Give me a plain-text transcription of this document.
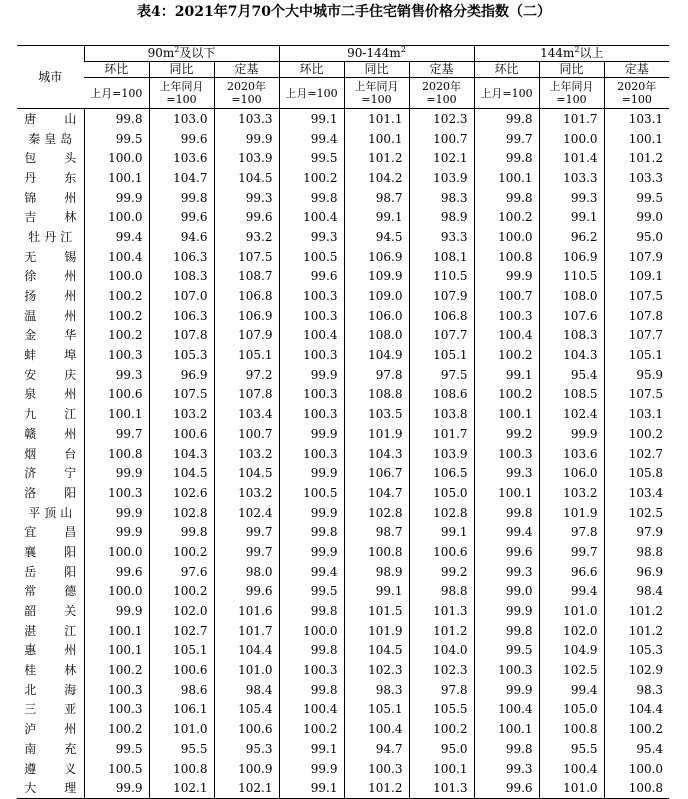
表4：2021年7月70个大中城市二手住宅销售价格分类指数（二）
城市	$90m^2$及以下			$90-144m^2$			$144m^2$以上		
	环比	同比	定基	环比	同比	定基	环比	同比	定基
	上月=100	上年同月=100	2020年=100	上月=100	上年同月=100	2020年=100	上月=100	上年同月=100	2020年=100
唐山	99.8	103.0	103.3	99.1	101.1	102.3	99.8	101.7	103.1
秦皇岛	99.5	99.6	99.9	99.4	100.1	100.7	99.7	100.0	100.1
包头	100.0	103.6	103.9	99.5	101.2	102.1	99.8	101.4	101.2
丹东	100.1	104.7	104.5	100.2	104.2	103.9	100.1	103.3	103.3
锦州	99.9	99.8	99.3	99.8	98.7	98.3	99.8	99.3	99.5
吉林	100.0	99.6	99.6	100.4	99.1	98.9	100.2	99.1	99.0
牡丹江	99.4	94.6	93.2	99.3	94.5	93.3	100.0	96.2	95.0
无锡	100.4	106.3	107.5	100.5	106.9	108.1	100.8	106.9	107.9
徐州	100.0	108.3	108.7	99.6	109.9	110.5	99.9	110.5	109.1
扬州	100.2	107.0	106.8	100.3	109.0	107.9	100.7	108.0	107.5
温州	100.2	106.3	106.9	100.3	106.0	106.8	100.3	107.6	107.8
金华	100.2	107.8	107.9	100.4	108.0	107.7	100.4	108.3	107.7
蚌埠	100.3	105.3	105.1	100.3	104.9	105.1	100.2	104.3	105.1
安庆	99.3	96.9	97.2	99.9	97.8	97.5	99.1	95.4	95.9
泉州	100.6	107.5	107.8	100.3	108.8	108.6	100.2	108.5	107.5
九江	100.1	103.2	103.4	100.3	103.5	103.8	100.1	102.4	103.1
赣州	99.7	100.6	100.7	99.9	101.9	101.7	99.2	99.9	100.2
烟台	100.8	104.3	103.2	100.3	104.3	103.9	100.3	103.6	102.7
济宁	99.9	104.5	104.5	99.9	106.7	106.5	99.3	106.0	105.8
洛阳	100.3	102.6	103.2	100.5	104.7	105.0	100.1	103.2	103.4
平顶山	99.9	102.8	102.4	99.9	102.8	102.8	99.8	101.9	102.5
宜昌	99.9	99.8	99.7	99.8	98.7	99.1	99.4	97.8	97.9
襄阳	100.0	100.2	99.7	99.9	100.8	100.6	99.6	99.7	98.8
岳阳	99.6	97.6	98.0	99.4	98.9	99.2	99.3	96.6	96.9
常德	100.0	100.2	99.6	99.5	99.1	98.8	99.0	99.4	98.4
韶关	99.9	102.0	101.6	99.8	101.5	101.3	99.9	101.0	101.2
湛江	100.1	102.7	101.7	100.0	101.9	101.2	99.8	102.0	101.2
惠州	100.1	105.1	104.4	99.8	104.5	104.0	99.5	104.9	105.3
桂林	100.2	100.6	101.0	100.3	102.3	102.3	100.3	102.5	102.9
北海	100.3	98.6	98.4	99.8	98.3	97.8	99.9	99.4	98.3
三亚	100.3	106.1	105.4	100.4	105.1	105.5	100.4	105.0	104.4
泸州	100.2	101.0	100.6	100.2	100.4	100.2	100.1	100.8	100.2
南充	99.5	95.5	95.3	99.1	94.7	95.0	99.8	95.5	95.4
遵义	100.5	100.8	100.9	99.9	100.3	100.1	99.3	100.4	100.0
大理	99.9	102.1	102.1	99.1	101.2	101.3	99.6	101.0	100.8
